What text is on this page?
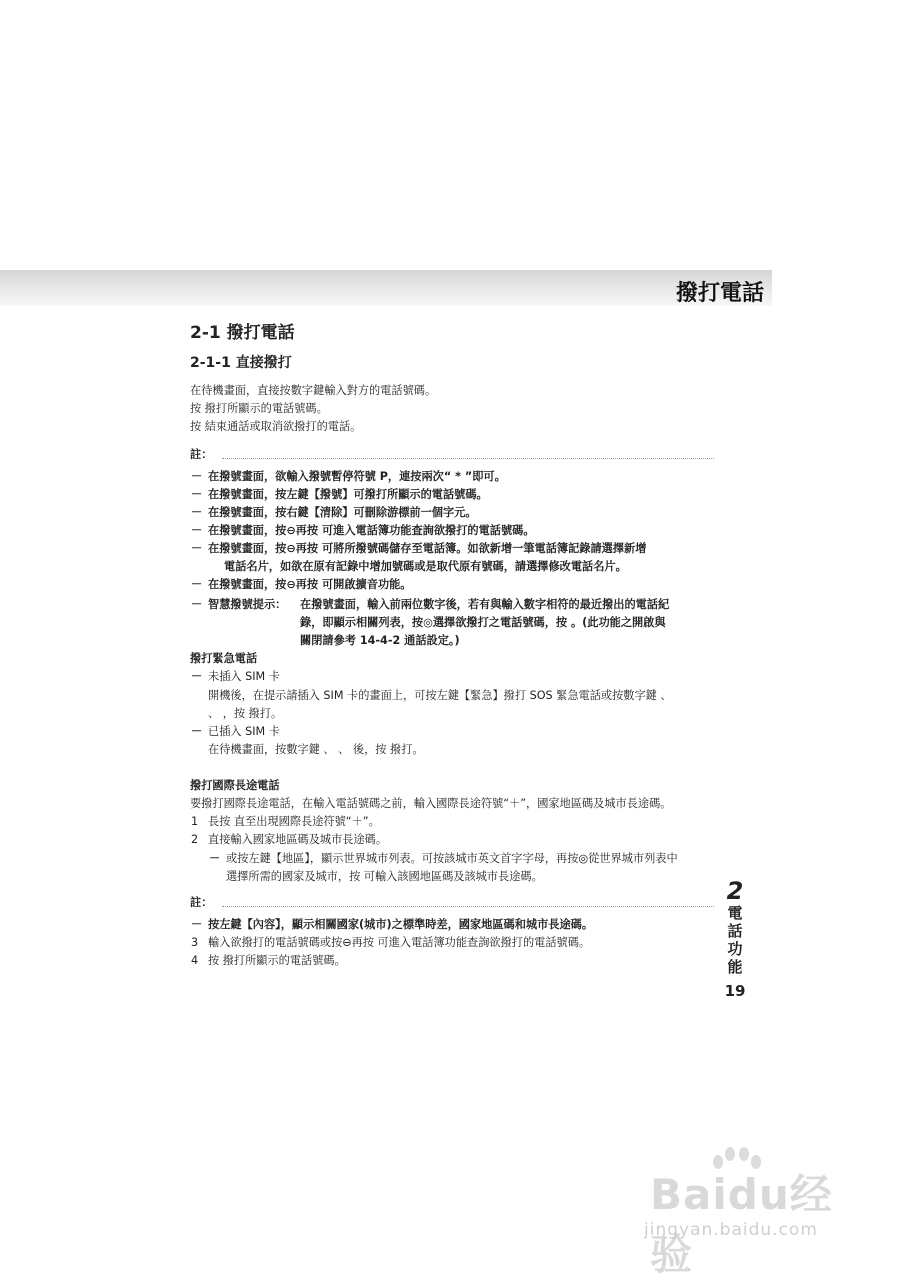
撥打電話
2-1 撥打電話
2-1-1 直接撥打
在待機畫面，直接按數字鍵輸入對方的電話號碼。
按 撥打所顯示的電話號碼。
按 結束通話或取消欲撥打的電話。
註：
－ 在撥號畫面，欲輸入撥號暫停符號 P，連按兩次“ * ”即可。
－ 在撥號畫面，按左鍵【撥號】可撥打所顯示的電話號碼。
－ 在撥號畫面，按右鍵【清除】可刪除游標前一個字元。
－ 在撥號畫面，按⊖再按 可進入電話簿功能查詢欲撥打的電話號碼。
－ 在撥號畫面，按⊖再按 可將所撥號碼儲存至電話簿。如欲新增一筆電話簿記錄請選擇新增
電話名片，如欲在原有記錄中增加號碼或是取代原有號碼，請選擇修改電話名片。
－ 在撥號畫面，按⊖再按 可開啟擴音功能。
－ 智慧撥號提示： 在撥號畫面，輸入前兩位數字後，若有與輸入數字相符的最近撥出的電話紀
錄，即顯示相關列表，按◎選擇欲撥打之電話號碼，按 。(此功能之開啟與
關閉請參考 14-4-2 通話設定。)
撥打緊急電話
－ 未插入 SIM 卡
開機後，在提示請插入 SIM 卡的畫面上，可按左鍵【緊急】撥打 SOS 緊急電話或按數字鍵 、
、 ，按 撥打。
－ 已插入 SIM 卡
在待機畫面，按數字鍵 、 、 後，按 撥打。
撥打國際長途電話
要撥打國際長途電話，在輸入電話號碼之前，輸入國際長途符號“＋”，國家地區碼及城市長途碼。
1 長按 直至出現國際長途符號“＋”。
2 直接輸入國家地區碼及城市長途碼。
－ 或按左鍵【地區】，顯示世界城市列表。可按該城市英文首字字母，再按◎從世界城市列表中
選擇所需的國家及城市，按 可輸入該國地區碼及該城市長途碼。
註：
－ 按左鍵【內容】，顯示相關國家(城市)之標準時差，國家地區碼和城市長途碼。
3 輸入欲撥打的電話號碼或按⊖再按 可進入電話簿功能查詢欲撥打的電話號碼。
4 按 撥打所顯示的電話號碼。
2
電
話
功
能
19
Baidu经验
jingyan.baidu.com
